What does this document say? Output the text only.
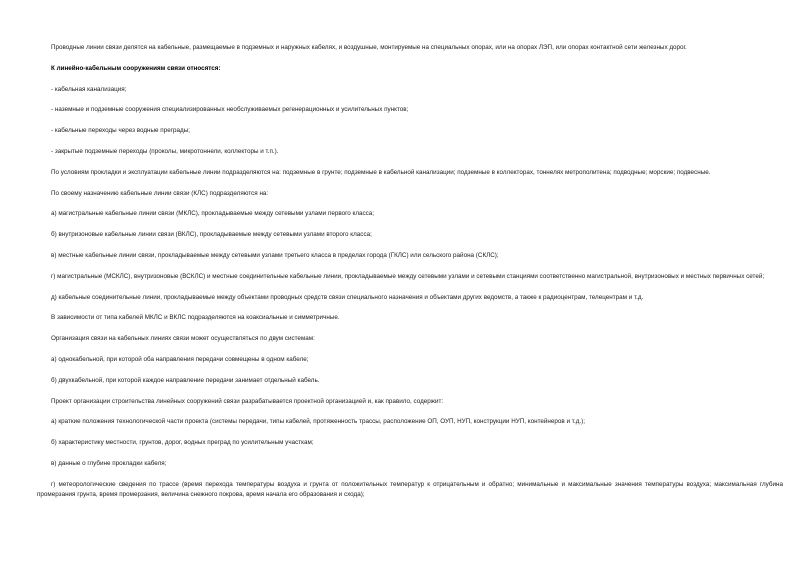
Проводные линии связи делятся на кабельные, размещаемые в подземных и наружных кабелях, и воздушные, монтируемые на специальных опорах, или на опорах ЛЭП, или опорах контактной сети железных дорог.

К линейно-кабельным сооружениям связи относятся:

- кабельная канализация;

- наземные и подземные сооружения специализированных необслуживаемых регенерационных и усилительных пунктов;

- кабельные переходы через водные преграды;

- закрытые подземные переходы (проколы, микротоннели, коллекторы и т.п.).

По условиям прокладки и эксплуатации кабельные линии подразделяются на: подземные в грунте; подземные в кабельной канализации; подземные в коллекторах, тоннелях метрополитена; подводные; морские; подвесные.

По своему назначению кабельные линии связи (КЛС) подразделяются на:

а) магистральные кабельные линии связи (МКЛС), прокладываемые между сетевыми узлами первого класса;

б) внутризоновые кабельные линии связи (ВКЛС), прокладываемые между сетевыми узлами второго класса;

в) местные кабельные линии связи, прокладываемые между сетевыми узлами третьего класса в пределах города (ГКЛС) или сельского района (СКЛС);

г) магистральные (МСКЛС), внутризоновые (ВСКЛС) и местные соединительные кабельные линии, прокладываемые между сетевыми узлами и сетевыми станциями соответственно магистральной, внутризоновых и местных первичных сетей;

д) кабельные соединительные линии, прокладываемые между объектами проводных средств связи специального назначения и объектами других ведомств, а также к радиоцентрам, телецентрам и т.д.

В зависимости от типа кабелей МКЛС и ВКЛС подразделяются на коаксиальные и симметричные.

Организация связи на кабельных линиях связи может осуществляться по двум системам:

а) однокабельной, при которой оба направления передачи совмещены в одном кабеле;

б) двухкабельной, при которой каждое направление передачи занимает отдельный кабель.

Проект организации строительства линейных сооружений связи разрабатывается проектной организацией и, как правило, содержит:

а) краткие положения технологической части проекта (системы передачи, типы кабелей, протяженность трассы, расположение ОП, ОУП, НУП, конструкции НУП, контейнеров и т.д.);

б) характеристику местности, грунтов, дорог, водных преград по усилительным участкам;

в) данные о глубине прокладки кабеля;

г) метеорологические сведения по трассе (время перехода температуры воздуха и грунта от положительных температур к отрицательным и обратно; минимальные и максимальные значения температуры воздуха; максимальная глубина промерзания грунта, время промерзания, величина снежного покрова, время начала его образования и схода);
